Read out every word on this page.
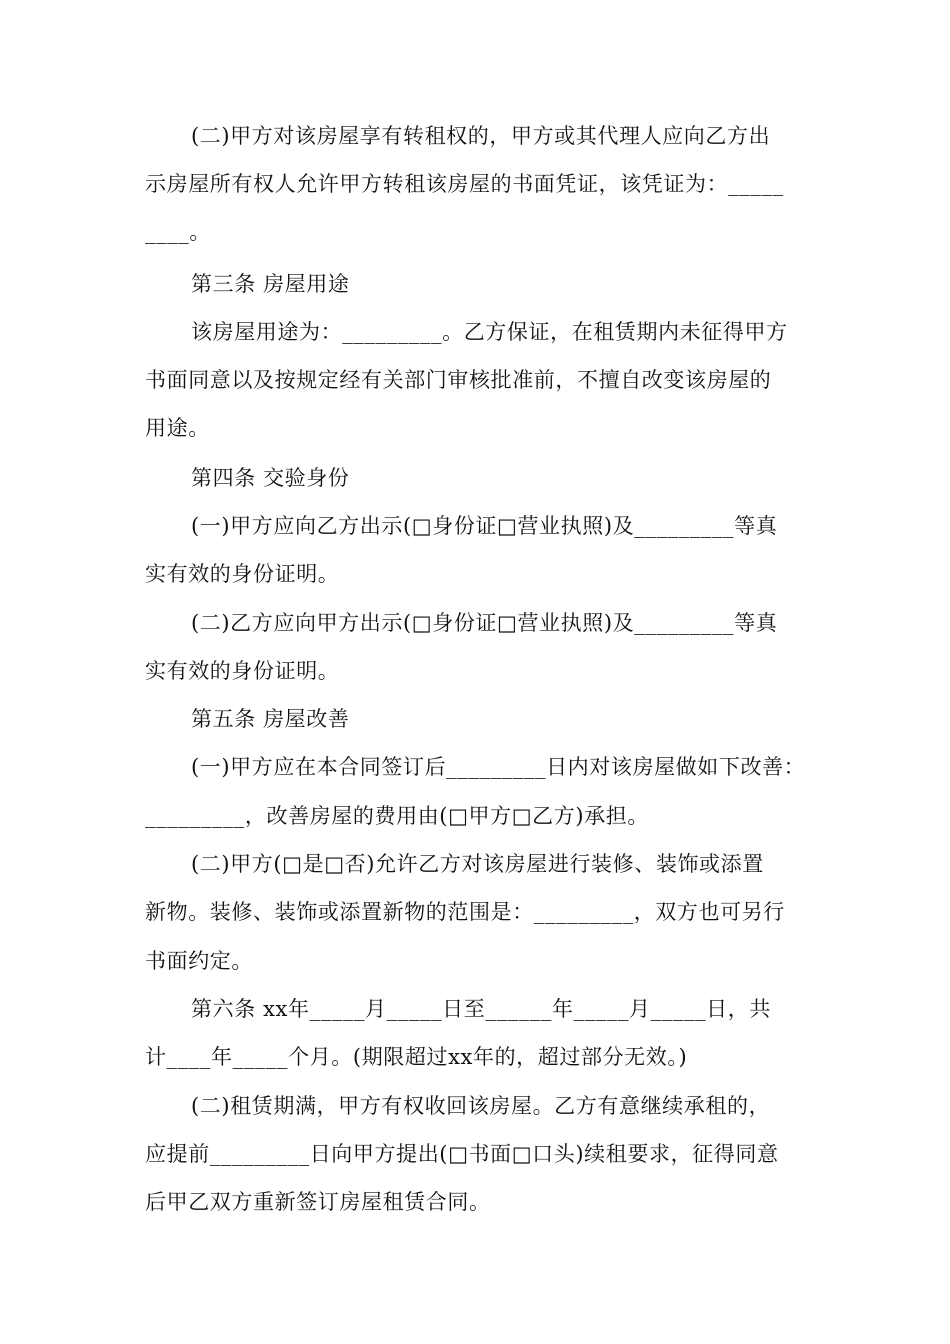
(二)甲方对该房屋享有转租权的，甲方或其代理人应向乙方出
示房屋所有权人允许甲方转租该房屋的书面凭证，该凭证为：_____
____。
第三条 房屋用途
该房屋用途为：_________。乙方保证，在租赁期内未征得甲方
书面同意以及按规定经有关部门审核批准前，不擅自改变该房屋的
用途。
第四条 交验身份
(一)甲方应向乙方出示(□身份证□营业执照)及_________等真
实有效的身份证明。
(二)乙方应向甲方出示(□身份证□营业执照)及_________等真
实有效的身份证明。
第五条 房屋改善
(一)甲方应在本合同签订后_________日内对该房屋做如下改善：
_________，改善房屋的费用由(□甲方□乙方)承担。
(二)甲方(□是□否)允许乙方对该房屋进行装修、装饰或添置
新物。装修、装饰或添置新物的范围是：_________，双方也可另行
书面约定。
第六条 xx年_____月_____日至______年_____月_____日，共
计____年_____个月。(期限超过xx年的，超过部分无效。)
(二)租赁期满，甲方有权收回该房屋。乙方有意继续承租的，
应提前_________日向甲方提出(□书面□口头)续租要求，征得同意
后甲乙双方重新签订房屋租赁合同。
